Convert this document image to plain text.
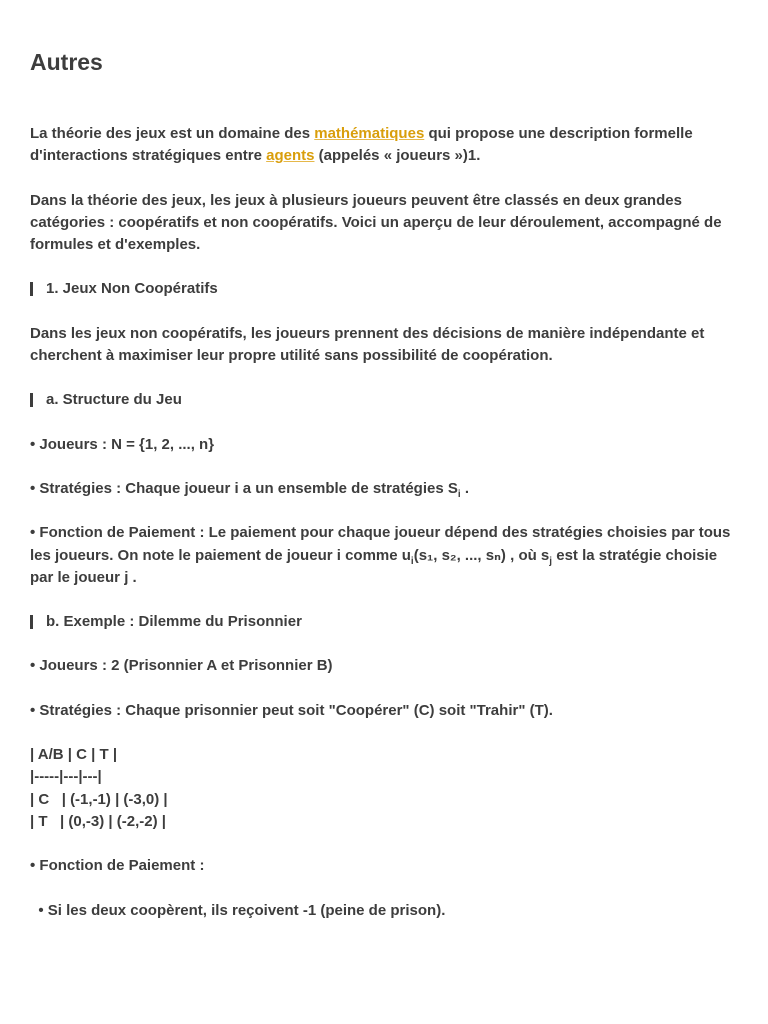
Autres

La théorie des jeux est un domaine des mathématiques qui propose une description formelle d'interactions stratégiques entre agents (appelés « joueurs »)1.

Dans la théorie des jeux, les jeux à plusieurs joueurs peuvent être classés en deux grandes catégories : coopératifs et non coopératifs. Voici un aperçu de leur déroulement, accompagné de formules et d'exemples.

1. Jeux Non Coopératifs

Dans les jeux non coopératifs, les joueurs prennent des décisions de manière indépendante et cherchent à maximiser leur propre utilité sans possibilité de coopération.

a. Structure du Jeu

• Joueurs : N = {1, 2, ..., n}

• Stratégies : Chaque joueur i a un ensemble de stratégies $S_i$ .

• Fonction de Paiement : Le paiement pour chaque joueur dépend des stratégies choisies par tous les joueurs. On note le paiement de joueur i comme $u_i(s_1$, s₂, ..., sₙ) , où $s_j$ est la stratégie choisie par le joueur j .

b. Exemple : Dilemme du Prisonnier

• Joueurs : 2 (Prisonnier A et Prisonnier B)

• Stratégies : Chaque prisonnier peut soit "Coopérer" (C) soit "Trahir" (T).

| A/B | C | T |

|-----|---|---|

| C   | (-1,-1) | (-3,0) |

| T   | (0,-3) | (-2,-2) |

• Fonction de Paiement :

• Si les deux coopèrent, ils reçoivent -1 (peine de prison).
